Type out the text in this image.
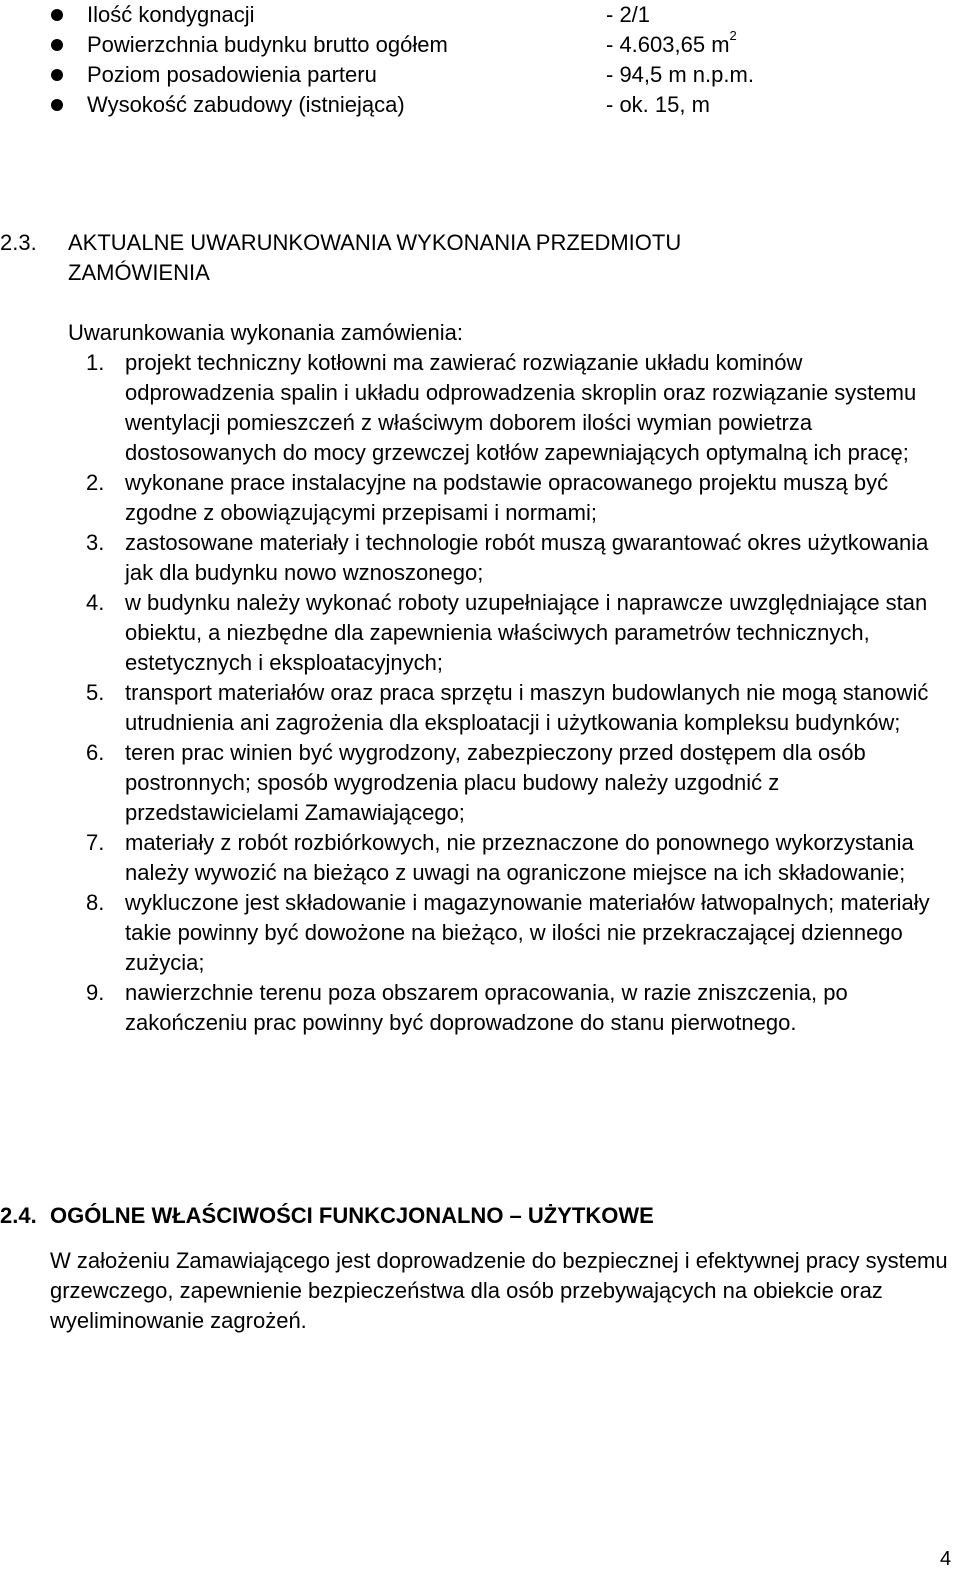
Ilość kondygnacji	- 2/1
Powierzchnia budynku brutto ogółem	- 4.603,65 $m^2$
Poziom posadowienia parteru	- 94,5 m n.p.m.
Wysokość zabudowy (istniejąca)	- ok. 15, m
2.3. AKTUALNE UWARUNKOWANIA WYKONANIA PRZEDMIOTU ZAMÓWIENIA
Uwarunkowania wykonania zamówienia:
1. projekt techniczny kotłowni ma zawierać rozwiązanie układu kominów odprowadzenia spalin i układu odprowadzenia skroplin oraz rozwiązanie systemu wentylacji pomieszczeń z właściwym doborem ilości wymian powietrza dostosowanych do mocy grzewczej kotłów zapewniających optymalną ich pracę;
2. wykonane prace instalacyjne na podstawie opracowanego projektu muszą być zgodne z obowiązującymi przepisami i normami;
3. zastosowane materiały i technologie robót muszą gwarantować okres użytkowania jak dla budynku nowo wznoszonego;
4. w budynku należy wykonać roboty uzupełniające i naprawcze uwzględniające stan obiektu, a niezbędne dla zapewnienia właściwych parametrów technicznych, estetycznych i eksploatacyjnych;
5. transport materiałów oraz praca sprzętu i maszyn budowlanych nie mogą stanowić utrudnienia ani zagrożenia dla eksploatacji i użytkowania kompleksu budynków;
6. teren prac winien być wygrodzony, zabezpieczony przed dostępem dla osób postronnych; sposób wygrodzenia placu budowy należy uzgodnić z przedstawicielami Zamawiającego;
7. materiały z robót rozbiórkowych, nie przeznaczone do ponownego wykorzystania należy wywozić na bieżąco z uwagi na ograniczone miejsce na ich składowanie;
8. wykluczone jest składowanie i magazynowanie materiałów łatwopalnych; materiały takie powinny być dowożone na bieżąco, w ilości nie przekraczającej dziennego zużycia;
9. nawierzchnie terenu poza obszarem opracowania, w razie zniszczenia, po zakończeniu prac powinny być doprowadzone do stanu pierwotnego.
2.4. OGÓLNE WŁAŚCIWOŚCI FUNKCJONALNO – UŻYTKOWE

W założeniu Zamawiającego jest doprowadzenie do bezpiecznej i efektywnej pracy systemu grzewczego, zapewnienie bezpieczeństwa dla osób przebywających na obiekcie oraz wyeliminowanie zagrożeń.

4
